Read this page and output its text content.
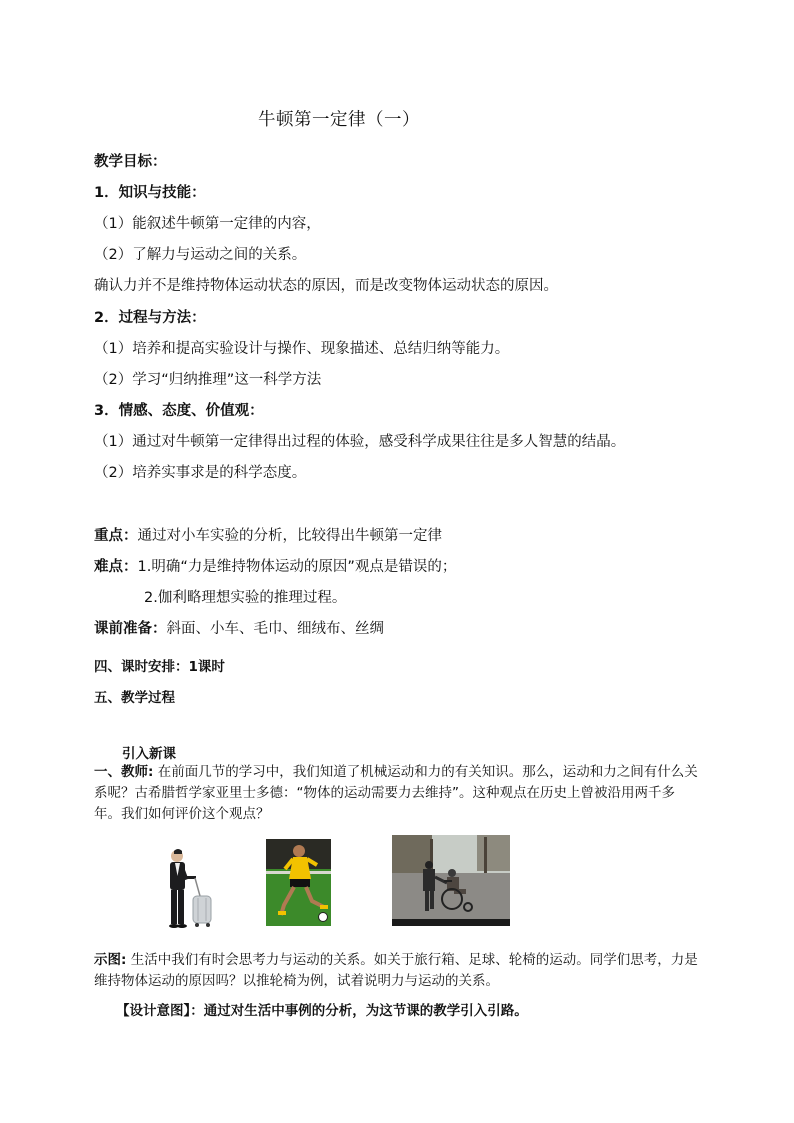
牛顿第一定律（一）
教学目标：
1．知识与技能：
（1）能叙述牛顿第一定律的内容，
（2）了解力与运动之间的关系。
确认力并不是维持物体运动状态的原因，而是改变物体运动状态的原因。
2．过程与方法：
（1）培养和提高实验设计与操作、现象描述、总结归纳等能力。
（2）学习“归纳推理”这一科学方法
3．情感、态度、价值观：
（1）通过对牛顿第一定律得出过程的体验，感受科学成果往往是多人智慧的结晶。
（2）培养实事求是的科学态度。
重点：通过对小车实验的分析，比较得出牛顿第一定律
难点：1.明确“力是维持物体运动的原因”观点是错误的；
2.伽利略理想实验的推理过程。
课前准备：斜面、小车、毛巾、细绒布、丝绸
四、课时安排：1课时
五、教学过程
引入新课
一、教师: 在前面几节的学习中，我们知道了机械运动和力的有关知识。那么，运动和力之间有什么关系呢？古希腊哲学家亚里士多德：“物体的运动需要力去维持”。这种观点在历史上曾被沿用两千多年。我们如何评价这个观点？
示图: 生活中我们有时会思考力与运动的关系。如关于旅行箱、足球、轮椅的运动。同学们思考，力是维持物体运动的原因吗？以推轮椅为例，试着说明力与运动的关系。
【设计意图】：通过对生活中事例的分析，为这节课的教学引入引路。
